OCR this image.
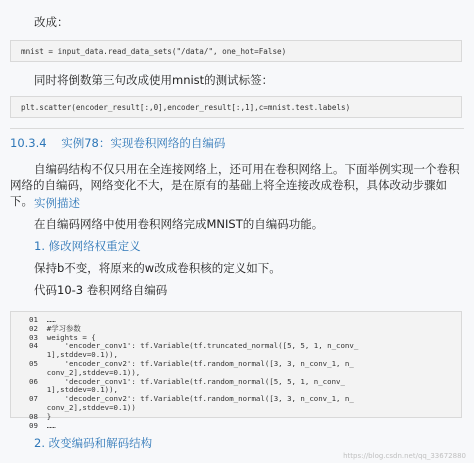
改成：
mnist = input_data.read_data_sets("/data/", one_hot=False)
同时将倒数第三句改成使用mnist的测试标签：
plt.scatter(encoder_result[:,0],encoder_result[:,1],c=mnist.test.labels)
10.3.4 实例78：实现卷积网络的自编码
自编码结构不仅只用在全连接网络上，还可用在卷积网络上。下面举例实现一个卷积网络的自编码，网络变化不大，是在原有的基础上将全连接改成卷积，具体改动步骤如下。 实例描述
在自编码网络中使用卷积网络完成MNIST的自编码功能。
1. 修改网络权重定义
保持b不变，将原来的w改成卷积核的定义如下。
代码10-3 卷积网络自编码
01  ……
02  #学习参数
03  weights = {
04      'encoder_conv1': tf.Variable(tf.truncated_normal([5, 5, 1, n_conv_
1],stddev=0.1)),
05      'encoder_conv2': tf.Variable(tf.random_normal([3, 3, n_conv_1, n_
conv_2],stddev=0.1)),
06      'decoder_conv1': tf.Variable(tf.random_normal([5, 5, 1, n_conv_
1],stddev=0.1)),
07      'decoder_conv2': tf.Variable(tf.random_normal([3, 3, n_conv_1, n_
conv_2],stddev=0.1))
08  }
09  ……
2. 改变编码和解码结构
https://blog.csdn.net/qq_33672880
